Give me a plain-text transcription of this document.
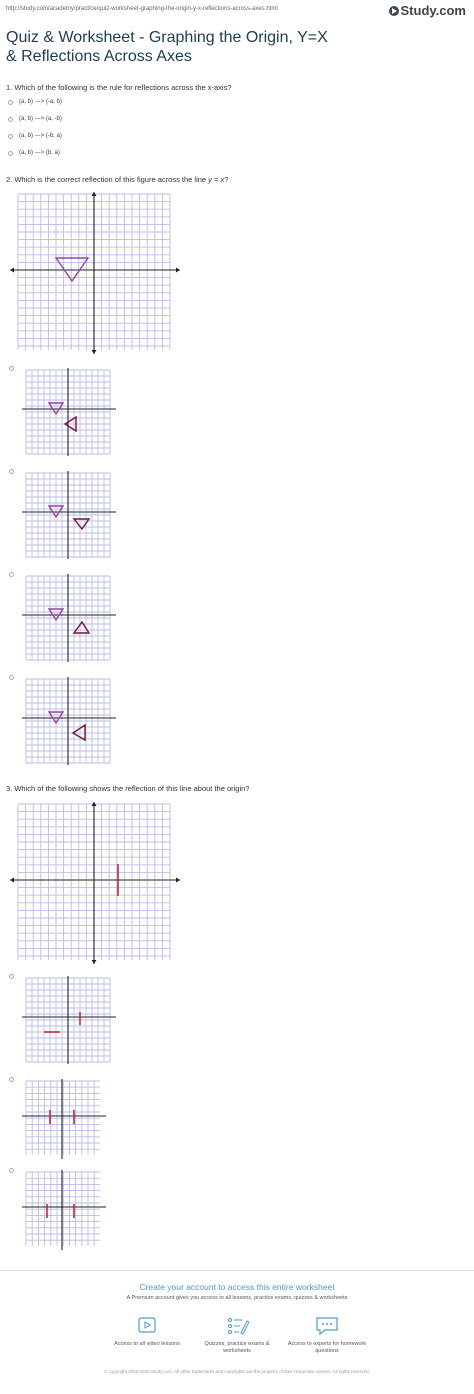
http://study.com/academy/practice/quiz-worksheet-graphing-the-origin-y-x-reflections-across-axes.html	Study.com
Quiz & Worksheet - Graphing the Origin, Y=X & Reflections Across Axes
1. Which of the following is the rule for reflections across the x-axis?
(a, b) ---> (-a, b)
(a, b) ---> (a, -b)
(a, b) ---> (-b, a)
(a, b) ---> (b, a)
2. Which is the correct reflection of this figure across the line y = x?
3. Which of the following shows the reflection of this line about the origin?
Create your account to access this entire worksheet
A Premium account gives you access to all lessons, practice exams, quizzes & worksheets
Access to all video lessons	Quizzes, practice exams & worksheets
Access to experts for homework questions
© copyright 2003-2020 Study.com. All other trademarks and copyrights are the property of their respective owners. All rights reserved.
